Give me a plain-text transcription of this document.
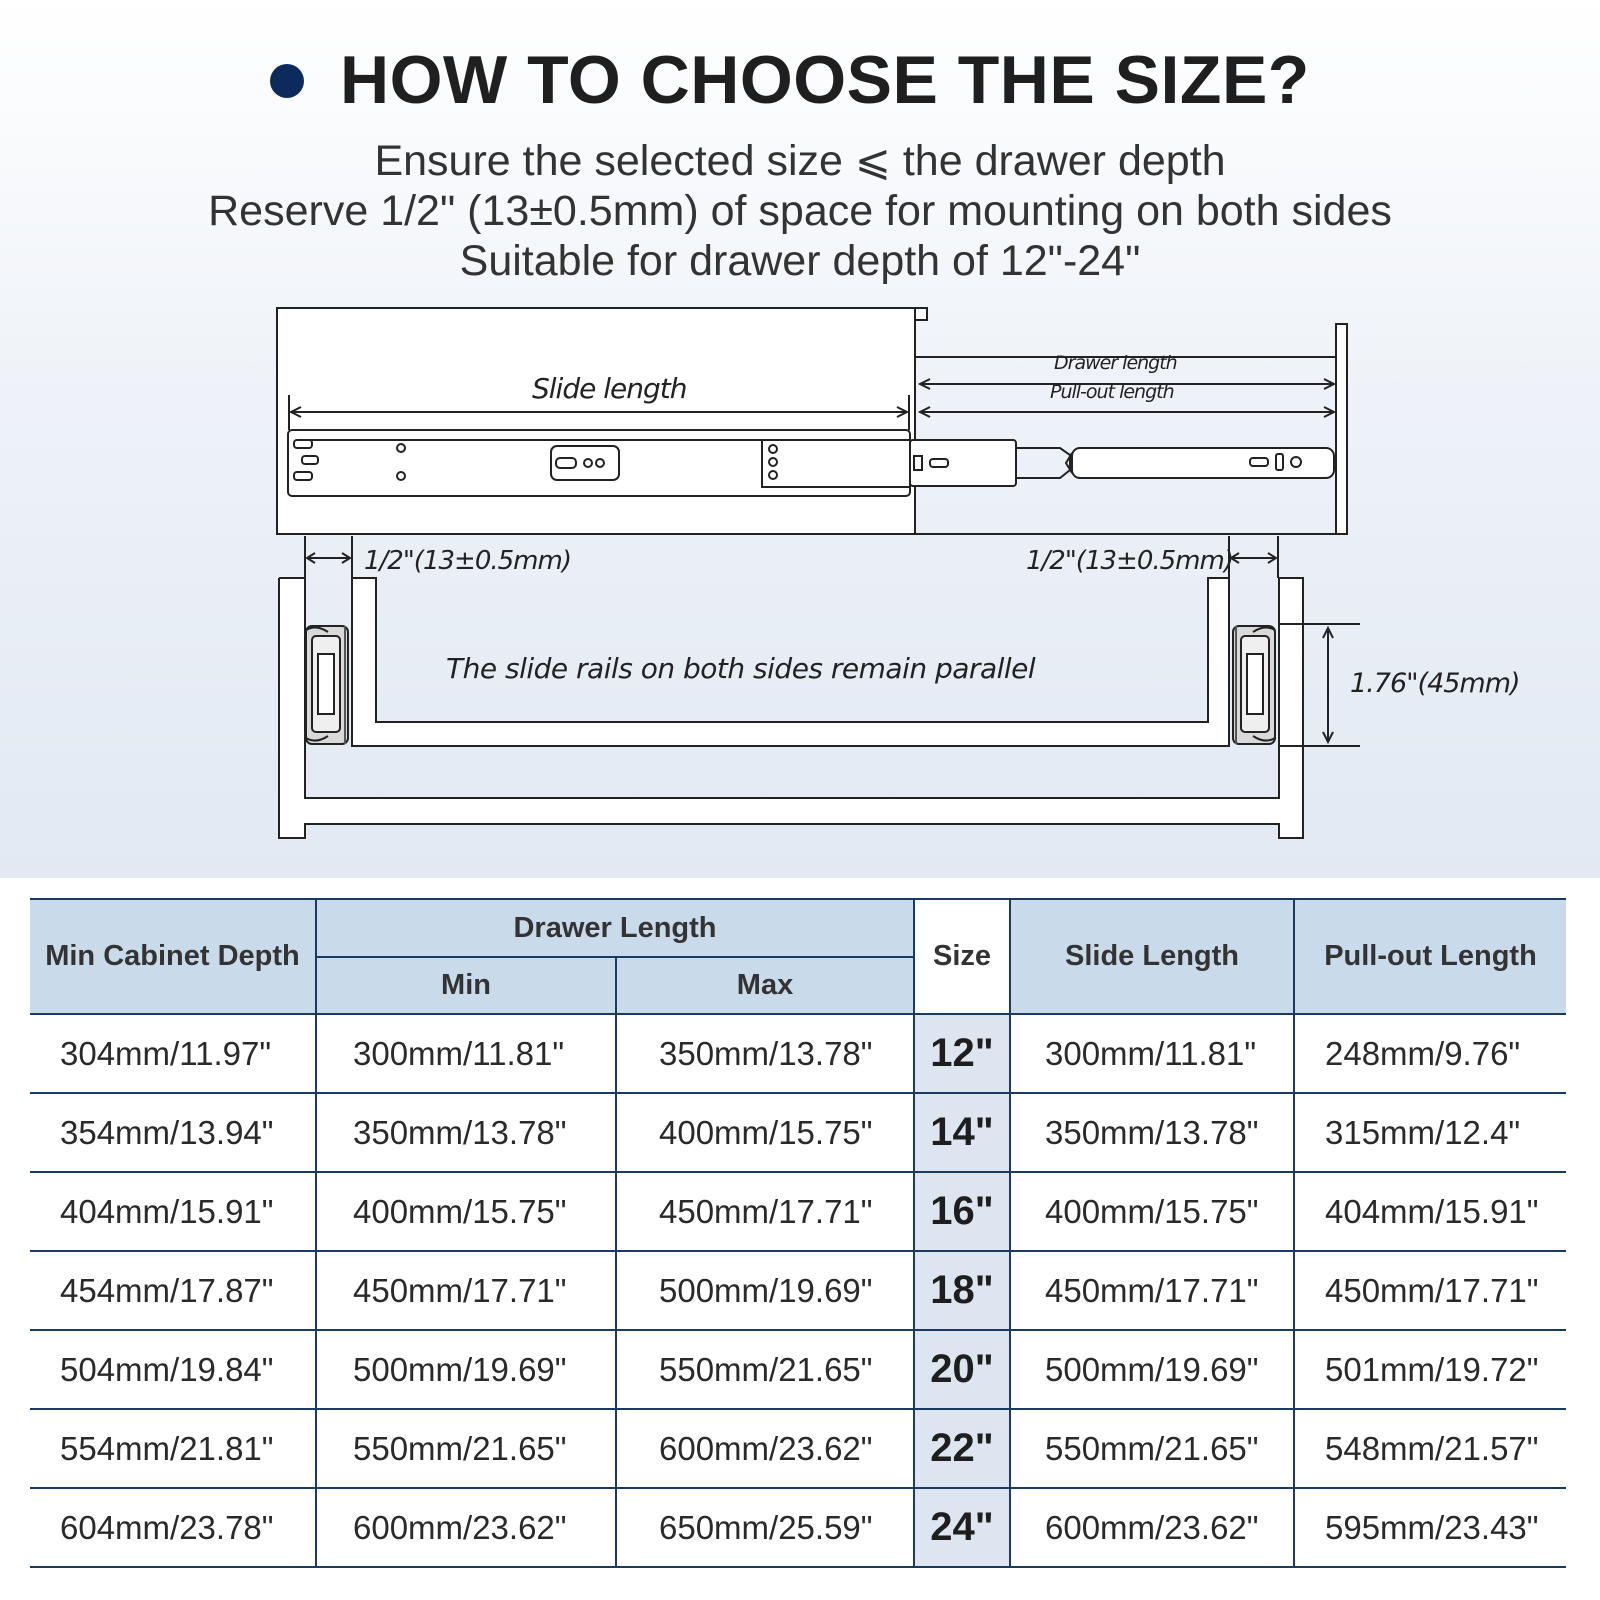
HOW TO CHOOSE THE SIZE?
Ensure the selected size ⩽ the drawer depth
Reserve 1/2" (13±0.5mm) of space for mounting on both sides
Suitable for drawer depth of 12"-24"
Slide length
Drawer length
Pull-out length
1/2"(13±0.5mm)	1/2"(13±0.5mm)
The slide rails on both sides remain parallel	1.76"(45mm)
Min Cabinet Depth	Drawer Length		Size	Slide Length	Pull-out Length
	Min	Max			
304mm/11.97"	300mm/11.81"	350mm/13.78"	12"	300mm/11.81"	248mm/9.76"
354mm/13.94"	350mm/13.78"	400mm/15.75"	14"	350mm/13.78"	315mm/12.4"
404mm/15.91"	400mm/15.75"	450mm/17.71"	16"	400mm/15.75"	404mm/15.91"
454mm/17.87"	450mm/17.71"	500mm/19.69"	18"	450mm/17.71"	450mm/17.71"
504mm/19.84"	500mm/19.69"	550mm/21.65"	20"	500mm/19.69"	501mm/19.72"
554mm/21.81"	550mm/21.65"	600mm/23.62"	22"	550mm/21.65"	548mm/21.57"
604mm/23.78"	600mm/23.62"	650mm/25.59"	24"	600mm/23.62"	595mm/23.43"
